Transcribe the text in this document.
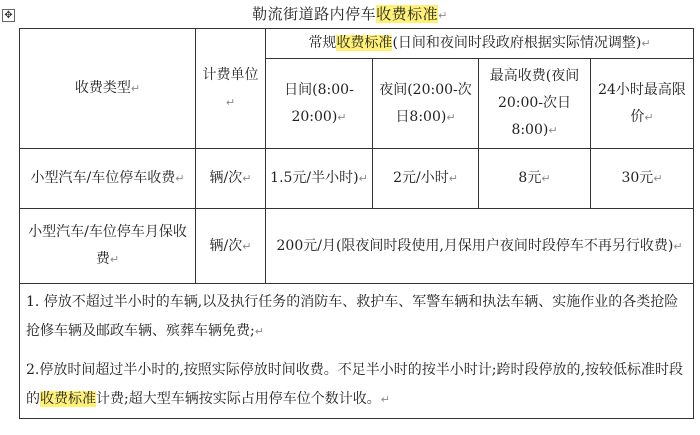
✥	勒流街道路内停车收费标准↵
收费类型↵	计费单位↵	常规收费标准(日间和夜间时段政府根据实际情况调整)↵			
		日间(8:00-20:00)↵	夜间(20:00-次日8:00)↵	最高收费(夜间20:00-次日8:00)↵	24小时最高限价↵
小型汽车/车位停车收费↵	辆/次↵	1.5元/半小时)↵	2元/小时↵	8元↵	30元↵
小型汽车/车位停车月保收费↵	辆/次↵	200元/月(限夜间时段使用,月保用户夜间时段停车不再另行收费)↵			

1. 停放不超过半小时的车辆,以及执行任务的消防车、救护车、军警车辆和执法车辆、实施作业的各类抢险抢修车辆及邮政车辆、殡葬车辆免费;↵

2.停放时间超过半小时的,按照实际停放时间收费。不足半小时的按半小时计;跨时段停放的,按较低标准时段的收费标准计费;超大型车辆按实际占用停车位个数计收。↵					
